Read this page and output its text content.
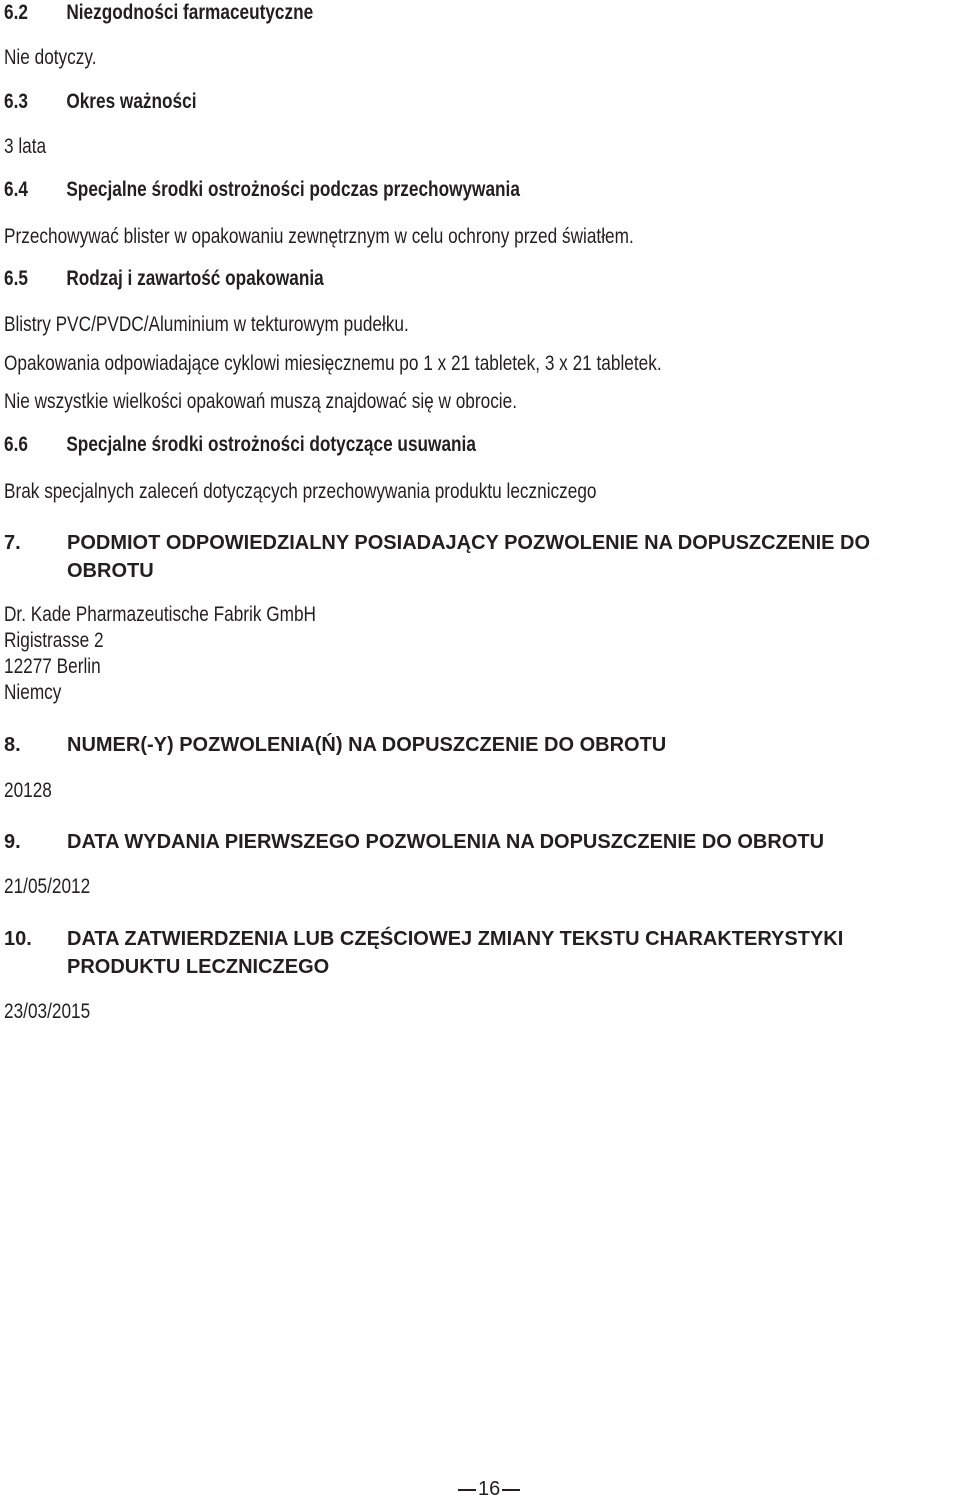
6.2 Niezgodności farmaceutyczne

Nie dotyczy.

6.3 Okres ważności

3 lata

6.4 Specjalne środki ostrożności podczas przechowywania

Przechowywać blister w opakowaniu zewnętrznym w celu ochrony przed światłem.

6.5 Rodzaj i zawartość opakowania

Blistry PVC/PVDC/Aluminium w tekturowym pudełku.

Opakowania odpowiadające cyklowi miesięcznemu po 1 x 21 tabletek, 3 x 21 tabletek.

Nie wszystkie wielkości opakowań muszą znajdować się w obrocie.

6.6 Specjalne środki ostrożności dotyczące usuwania

Brak specjalnych zaleceń dotyczących przechowywania produktu leczniczego

7. PODMIOT ODPOWIEDZIALNY POSIADAJĄCY POZWOLENIE NA DOPUSZCZENIE DO
OBROTU

Dr. Kade Pharmazeutische Fabrik GmbH

Rigistrasse 2

12277 Berlin

Niemcy

8. NUMER(-Y) POZWOLENIA(Ń) NA DOPUSZCZENIE DO OBROTU

20128

9. DATA WYDANIA PIERWSZEGO POZWOLENIA NA DOPUSZCZENIE DO OBROTU

21/05/2012

10. DATA ZATWIERDZENIA LUB CZĘŚCIOWEJ ZMIANY TEKSTU CHARAKTERYSTYKI
PRODUKTU LECZNICZEGO

23/03/2015

16
